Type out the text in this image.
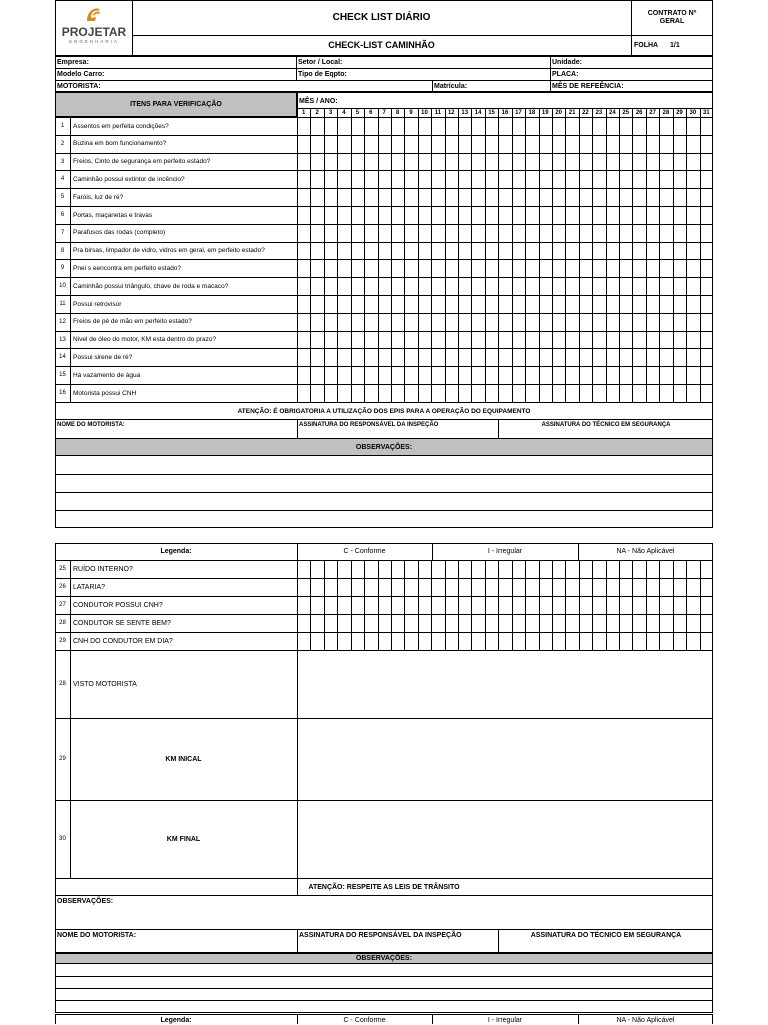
PROJETAR
ENGENHARIA
CHECK LIST DIÁRIO
CHECK-LIST CAMINHÃO
CONTRATO Nº
GERAL
FOLHA 1/1
Empresa:	Setor / Local:	Unidade:
Modelo Carro:	Tipo de Eqpto:	PLACA:
MOTORISTA:	Matrícula:	MÊS DE REFEÊNCIA:
ITENS PARA VERIFICAÇÃO	MÊS / ANO:
1	2	3	4	5	6	7	8	9	10	11	12	13	14	15	16	17	18	19	20	21	22	23	24	25	26	27	28	29	30	31
1	Assentos em perfeita condições?
2	Buzina em bom funcionamento?
3	Freios, Cinto de segurança em perfeito estado?
4	Caminhão possui extintor de incêncio?
5	Faróis, luz de ré?
6	Portas, maçanetas e travas
7	Parafusos das rodas (completo)
8	Pra birsas, limpador de vidro, vidros em geral, em perfeito estado?
9	Pnei s eencontra em perfeito estado?
10	Caminhão possui triângulo, chave de roda e macaco?
11	Possui retrovisor
12	Freios de pé de mão em perfeito estado?
13	Nivel de óleo do motor, KM esta dentro do prazo?
14	Possui sirene de ré?
15	Há vazamento de água
16	Motorista possui CNH
ATENÇÃO: É OBRIGATORIA A UTILIZAÇÃO DOS EPIS PARA A OPERAÇÃO DO EQUIPAMENTO
NOME DO MOTORISTA:	ASSINATURA DO RESPONSÁVEL DA INSPEÇÃO	ASSINATURA DO TÉCNICO EM SEGURANÇA
OBSERVAÇÕES:
Legenda:	C - Conforme	I - Irregular	NA - Não Aplicável
25	RUÍDO INTERNO?
26	LATARIA?
27	CONDUTOR POSSUI CNH?
28	CONDUTOR SE SENTE BEM?
29	CNH DO CONDUTOR EM DIA?
28	VISTO MOTORISTA
29	KM INICAL
30	KM FINAL
ATENÇÃO: RESPEITE AS LEIS DE TRÂNSITO
OBSERVAÇÕES:
NOME DO MOTORISTA:	ASSINATURA DO RESPONSÁVEL DA INSPEÇÃO	ASSINATURA DO TÉCNICO EM SEGURANÇA
OBSERVAÇÕES:
Legenda:	C - Conforme	I - Irregular	NA - Não Aplicável
